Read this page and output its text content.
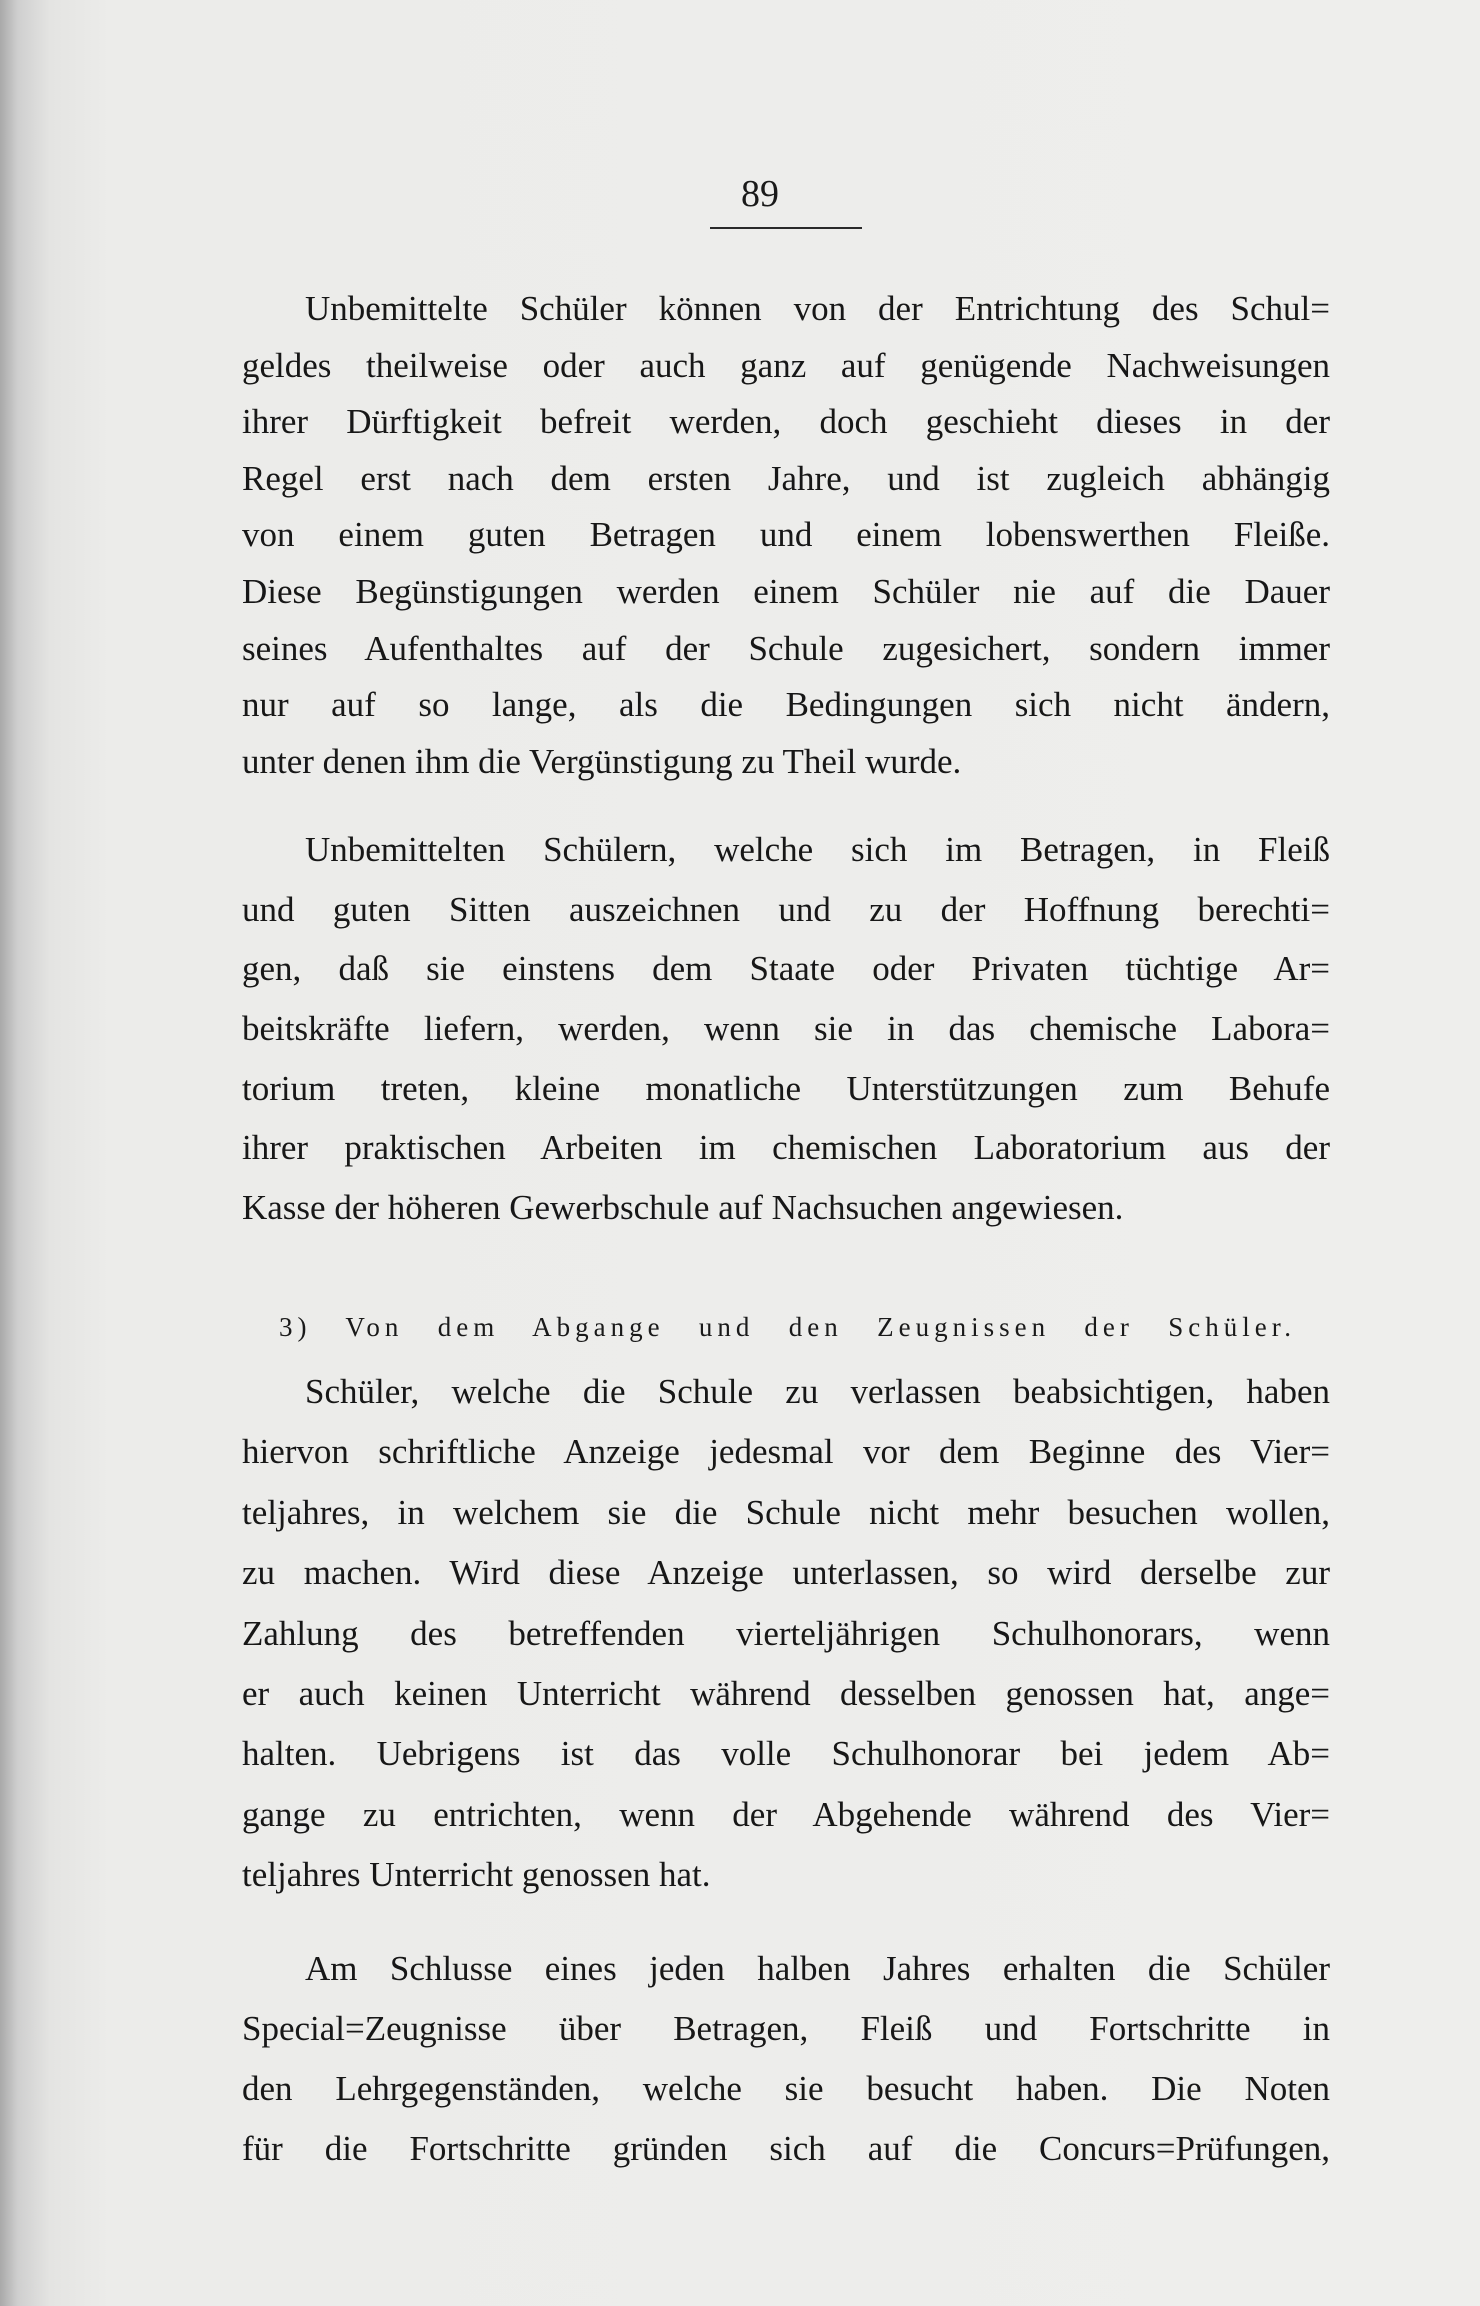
89
Unbemittelte Schüler können von der Entrichtung des Schul=
geldes theilweise oder auch ganz auf genügende Nachweisungen
ihrer Dürftigkeit befreit werden, doch geschieht dieses in der
Regel erst nach dem ersten Jahre, und ist zugleich abhängig
von einem guten Betragen und einem lobenswerthen Fleiße.
Diese Begünstigungen werden einem Schüler nie auf die Dauer
seines Aufenthaltes auf der Schule zugesichert, sondern immer
nur auf so lange, als die Bedingungen sich nicht ändern,
unter denen ihm die Vergünstigung zu Theil wurde.
Unbemittelten Schülern, welche sich im Betragen, in Fleiß
und guten Sitten auszeichnen und zu der Hoffnung berechti=
gen, daß sie einstens dem Staate oder Privaten tüchtige Ar=
beitskräfte liefern, werden, wenn sie in das chemische Labora=
torium treten, kleine monatliche Unterstützungen zum Behufe
ihrer praktischen Arbeiten im chemischen Laboratorium aus der
Kasse der höheren Gewerbschule auf Nachsuchen angewiesen.
3) Von dem Abgange und den Zeugnissen der Schüler.
Schüler, welche die Schule zu verlassen beabsichtigen, haben
hiervon schriftliche Anzeige jedesmal vor dem Beginne des Vier=
teljahres, in welchem sie die Schule nicht mehr besuchen wollen,
zu machen. Wird diese Anzeige unterlassen, so wird derselbe zur
Zahlung des betreffenden vierteljährigen Schulhonorars, wenn
er auch keinen Unterricht während desselben genossen hat, ange=
halten. Uebrigens ist das volle Schulhonorar bei jedem Ab=
gange zu entrichten, wenn der Abgehende während des Vier=
teljahres Unterricht genossen hat.
Am Schlusse eines jeden halben Jahres erhalten die Schüler
Special=Zeugnisse über Betragen, Fleiß und Fortschritte in
den Lehrgegenständen, welche sie besucht haben. Die Noten
für die Fortschritte gründen sich auf die Concurs=Prüfungen,
